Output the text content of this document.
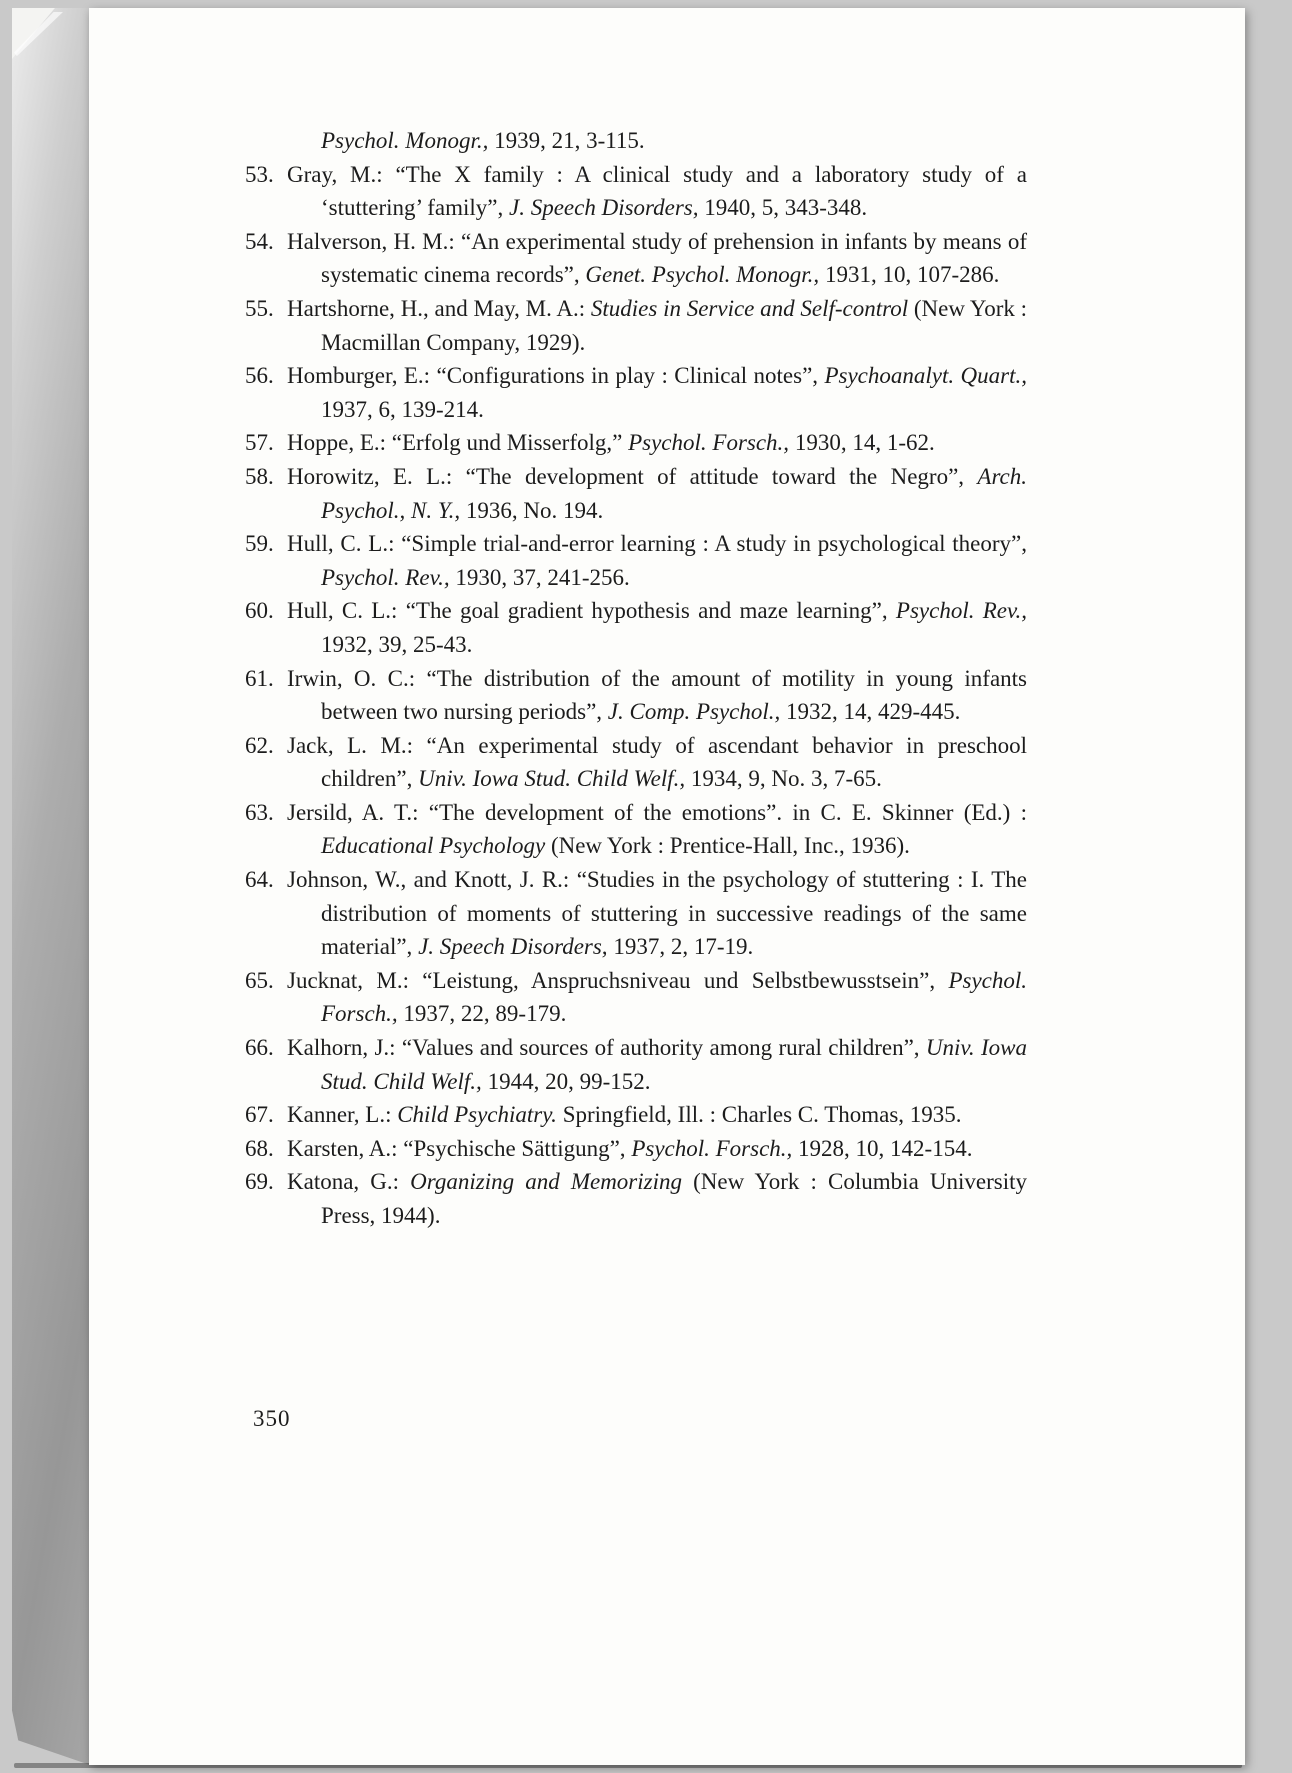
Psychol. Monogr., 1939, 21, 3-115.

53. Gray, M.: “The X family : A clinical study and a laboratory study of a ‘stuttering’ family”, J. Speech Disorders, 1940, 5, 343-348.

54. Halverson, H. M.: “An experimental study of prehension in infants by means of systematic cinema records”, Genet. Psychol. Monogr., 1931, 10, 107-286.

55. Hartshorne, H., and May, M. A.: Studies in Service and Self-control (New York : Macmillan Company, 1929).

56. Homburger, E.: “Configurations in play : Clinical notes”, Psychoanalyt. Quart., 1937, 6, 139-214.

57. Hoppe, E.: “Erfolg und Misserfolg,” Psychol. Forsch., 1930, 14, 1-62.

58. Horowitz, E. L.: “The development of attitude toward the Negro”, Arch. Psychol., N. Y., 1936, No. 194.

59. Hull, C. L.: “Simple trial-and-error learning : A study in psychological theory”, Psychol. Rev., 1930, 37, 241-256.

60. Hull, C. L.: “The goal gradient hypothesis and maze learning”, Psychol. Rev., 1932, 39, 25-43.

61. Irwin, O. C.: “The distribution of the amount of motility in young infants between two nursing periods”, J. Comp. Psychol., 1932, 14, 429-445.

62. Jack, L. M.: “An experimental study of ascendant behavior in preschool children”, Univ. Iowa Stud. Child Welf., 1934, 9, No. 3, 7-65.

63. Jersild, A. T.: “The development of the emotions”. in C. E. Skinner (Ed.) : Educational Psychology (New York : Prentice-Hall, Inc., 1936).

64. Johnson, W., and Knott, J. R.: “Studies in the psychology of stuttering : I. The distribution of moments of stuttering in successive readings of the same material”, J. Speech Disorders, 1937, 2, 17-19.

65. Jucknat, M.: “Leistung, Anspruchsniveau und Selbstbewusstsein”, Psychol. Forsch., 1937, 22, 89-179.

66. Kalhorn, J.: “Values and sources of authority among rural children”, Univ. Iowa Stud. Child Welf., 1944, 20, 99-152.

67. Kanner, L.: Child Psychiatry. Springfield, Ill. : Charles C. Thomas, 1935.

68. Karsten, A.: “Psychische Sättigung”, Psychol. Forsch., 1928, 10, 142-154.

69. Katona, G.: Organizing and Memorizing (New York : Columbia University Press, 1944).

350
